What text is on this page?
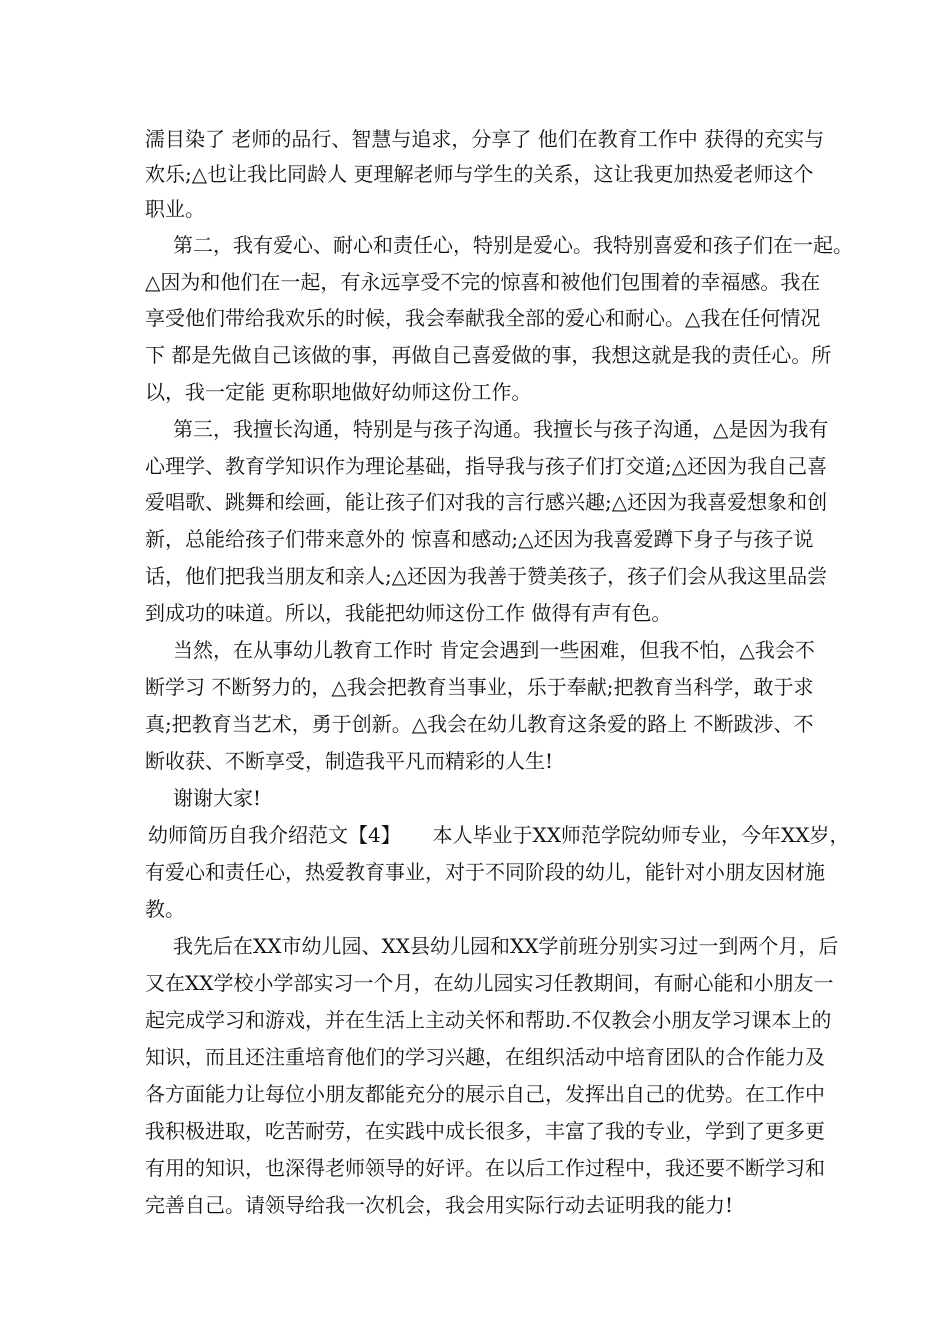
濡目染了 老师的品行、智慧与追求，分享了 他们在教育工作中 获得的充实与
欢乐;△也让我比同龄人 更理解老师与学生的关系，这让我更加热爱老师这个
职业。
第二，我有爱心、耐心和责任心，特别是爱心。我特别喜爱和孩子们在一起。
△因为和他们在一起，有永远享受不完的惊喜和被他们包围着的幸福感。我在
享受他们带给我欢乐的时候，我会奉献我全部的爱心和耐心。△我在任何情况
下 都是先做自己该做的事，再做自己喜爱做的事，我想这就是我的责任心。所
以，我一定能 更称职地做好幼师这份工作。
第三，我擅长沟通，特别是与孩子沟通。我擅长与孩子沟通，△是因为我有
心理学、教育学知识作为理论基础，指导我与孩子们打交道;△还因为我自己喜
爱唱歌、跳舞和绘画，能让孩子们对我的言行感兴趣;△还因为我喜爱想象和创
新，总能给孩子们带来意外的 惊喜和感动;△还因为我喜爱蹲下身子与孩子说
话，他们把我当朋友和亲人;△还因为我善于赞美孩子，孩子们会从我这里品尝
到成功的味道。所以，我能把幼师这份工作 做得有声有色。
当然，在从事幼儿教育工作时 肯定会遇到一些困难，但我不怕，△我会不
断学习 不断努力的，△我会把教育当事业，乐于奉献;把教育当科学，敢于求
真;把教育当艺术，勇于创新。△我会在幼儿教育这条爱的路上 不断跋涉、不
断收获、不断享受，制造我平凡而精彩的人生!
谢谢大家!
幼师简历自我介绍范文【4】     本人毕业于XX师范学院幼师专业，今年XX岁，
有爱心和责任心，热爱教育事业，对于不同阶段的幼儿，能针对小朋友因材施
教。
我先后在XX市幼儿园、XX县幼儿园和XX学前班分别实习过一到两个月，后
又在XX学校小学部实习一个月，在幼儿园实习任教期间，有耐心能和小朋友一
起完成学习和游戏，并在生活上主动关怀和帮助.不仅教会小朋友学习课本上的
知识，而且还注重培育他们的学习兴趣，在组织活动中培育团队的合作能力及
各方面能力让每位小朋友都能充分的展示自己，发挥出自己的优势。在工作中
我积极进取，吃苦耐劳，在实践中成长很多，丰富了我的专业，学到了更多更
有用的知识，也深得老师领导的好评。在以后工作过程中，我还要不断学习和
完善自己。请领导给我一次机会，我会用实际行动去证明我的能力!
